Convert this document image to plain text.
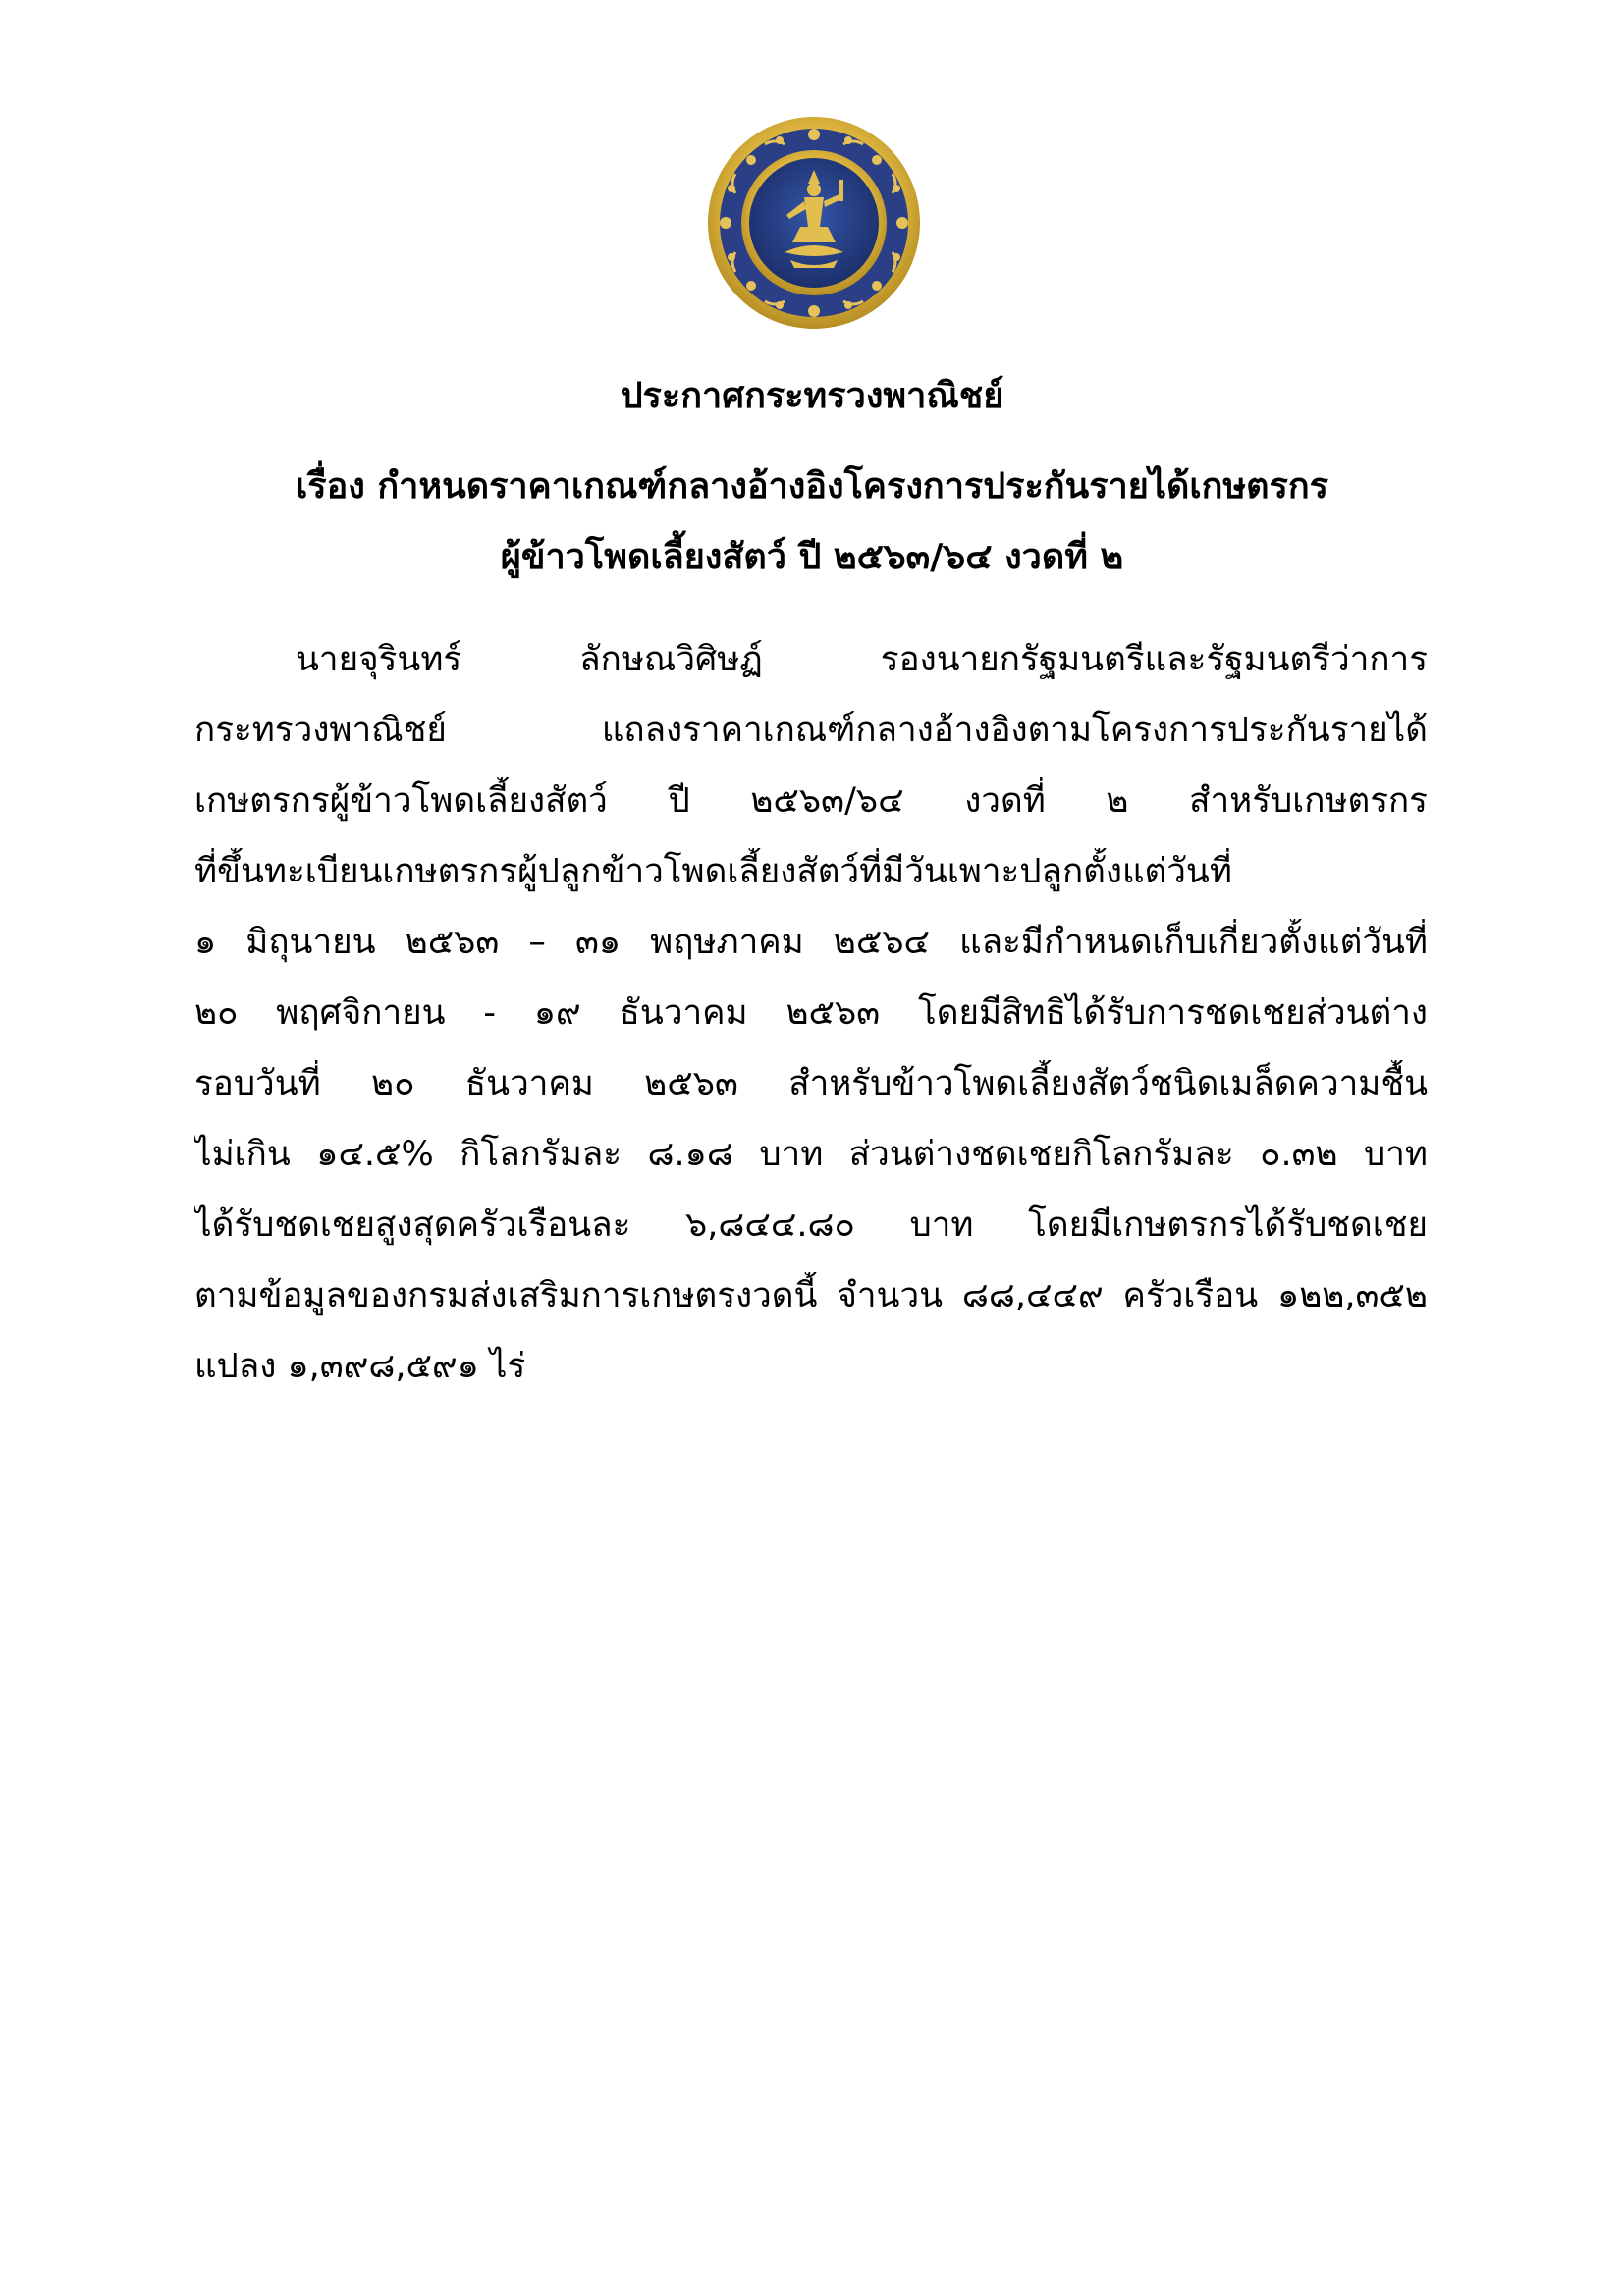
ประกาศกระทรวงพาณิชย์
เรื่อง กำหนดราคาเกณฑ์กลางอ้างอิงโครงการประกันรายได้เกษตรกร
ผู้ข้าวโพดเลี้ยงสัตว์ ปี ๒๕๖๓/๖๔ งวดที่ ๒
นายจุรินทร์ ลักษณวิศิษฏ์ รองนายกรัฐมนตรีและรัฐมนตรีว่าการ
กระทรวงพาณิชย์ แถลงราคาเกณฑ์กลางอ้างอิงตามโครงการประกันรายได้
เกษตรกรผู้ข้าวโพดเลี้ยงสัตว์ ปี ๒๕๖๓/๖๔ งวดที่ ๒ สำหรับเกษตรกร
ที่ขึ้นทะเบียนเกษตรกรผู้ปลูกข้าวโพดเลี้ยงสัตว์ที่มีวันเพาะปลูกตั้งแต่วันที่
๑ มิถุนายน ๒๕๖๓ – ๓๑ พฤษภาคม ๒๕๖๔ และมีกำหนดเก็บเกี่ยวตั้งแต่วันที่
๒๐ พฤศจิกายน - ๑๙ ธันวาคม ๒๕๖๓ โดยมีสิทธิได้รับการชดเชยส่วนต่าง
รอบวันที่ ๒๐ ธันวาคม ๒๕๖๓ สำหรับข้าวโพดเลี้ยงสัตว์ชนิดเมล็ดความชื้น
ไม่เกิน ๑๔.๕% กิโลกรัมละ ๘.๑๘ บาท ส่วนต่างชดเชยกิโลกรัมละ ๐.๓๒ บาท
ได้รับชดเชยสูงสุดครัวเรือนละ ๖,๘๔๔.๘๐ บาท โดยมีเกษตรกรได้รับชดเชย
ตามข้อมูลของกรมส่งเสริมการเกษตรงวดนี้ จำนวน ๘๘,๔๔๙ ครัวเรือน ๑๒๒,๓๕๒
แปลง ๑,๓๙๘,๕๙๑ ไร่
